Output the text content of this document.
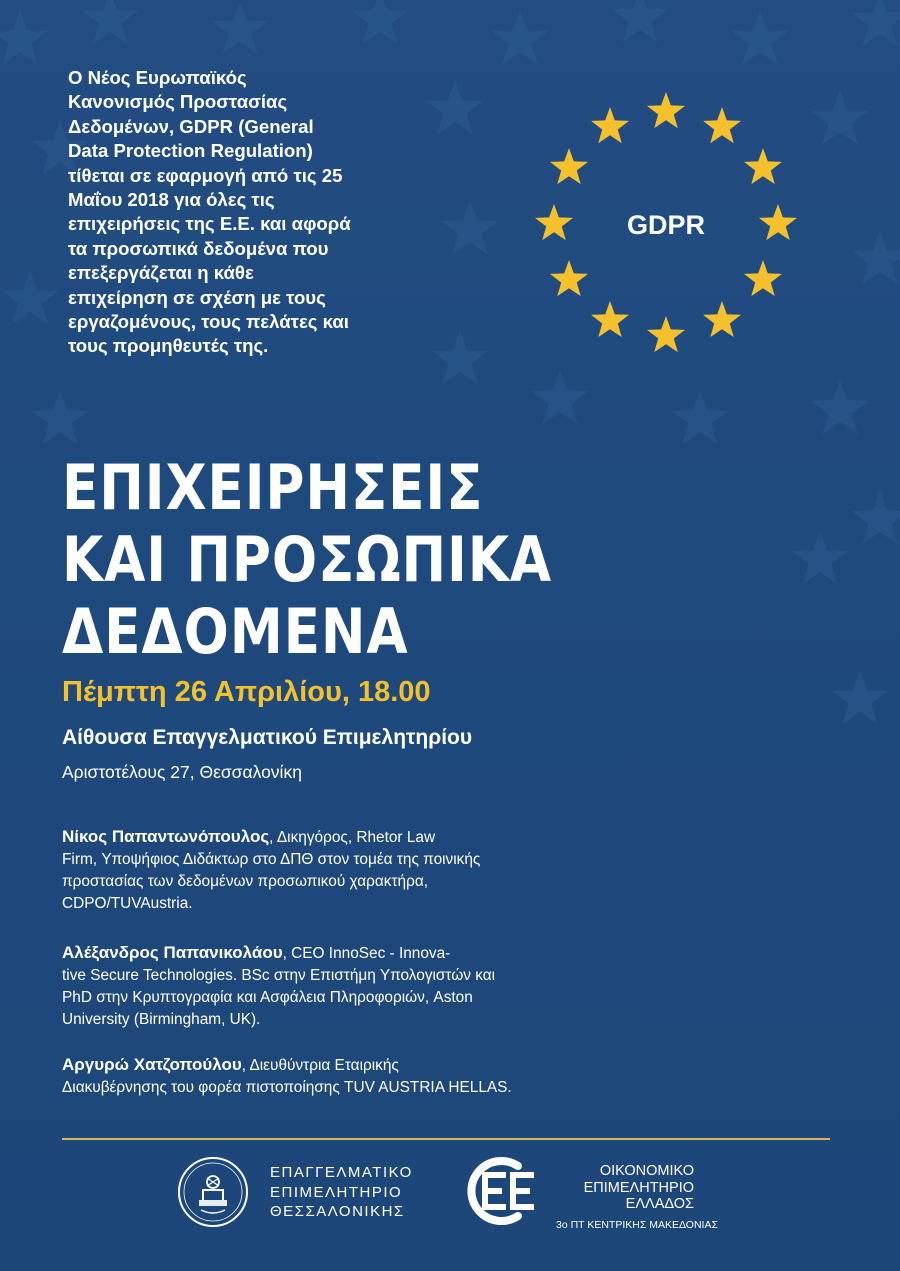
Ο Νέος Ευρωπαϊκός
Κανονισμός Προστασίας
Δεδομένων, GDPR (General
Data Protection Regulation)
τίθεται σε εφαρμογή από τις 25
Μαΐου 2018 για όλες τις
επιχειρήσεις της Ε.Ε. και αφορά
τα προσωπικά δεδομένα που
επεξεργάζεται η κάθε
επιχείρηση σε σχέση με τους
εργαζομένους, τους πελάτες και
τους προμηθευτές της.

GDPR
ΕΠΙΧΕΙΡΗΣΕΙΣ
ΚΑΙ ΠΡΟΣΩΠΙΚΑ
ΔΕΔΟΜΕΝΑ

Πέμπτη 26 Απριλίου, 18.00

Αίθουσα Επαγγελματικού Επιμελητηρίου

Αριστοτέλους 27, Θεσσαλονίκη

Νίκος Παπαντωνόπουλος, Δικηγόρος, Rhetor Law
Firm, Υποψήφιος Διδάκτωρ στο ΔΠΘ στον τομέα της ποινικής
προστασίας των δεδομένων προσωπικού χαρακτήρα,
CDPO/TUVAustria.

Αλέξανδρος Παπανικολάου, CEO InnoSec - Innova-
tive Secure Technologies. BSc στην Επιστήμη Υπολογιστών και
PhD στην Κρυπτογραφία και Ασφάλεια Πληροφοριών, Aston
University (Birmingham, UK).

Αργυρώ Χατζοπούλου, Διευθύντρια Εταιρικής
Διακυβέρνησης του φορέα πιστοποίησης TUV AUSTRIA HELLAS.

ΕΠΑΓΓΕΛΜΑΤΙΚΟ
ΕΠΙΜΕΛΗΤΗΡΙΟ
ΘΕΣΣΑΛΟΝΙΚΗΣ

ΟΙΚΟΝΟΜΙΚΟ
ΕΠΙΜΕΛΗΤΗΡΙΟ
ΕΛΛΑΔΟΣ
3ο ΠΤ ΚΕΝΤΡΙΚΗΣ ΜΑΚΕΔΟΝΙΑΣ
